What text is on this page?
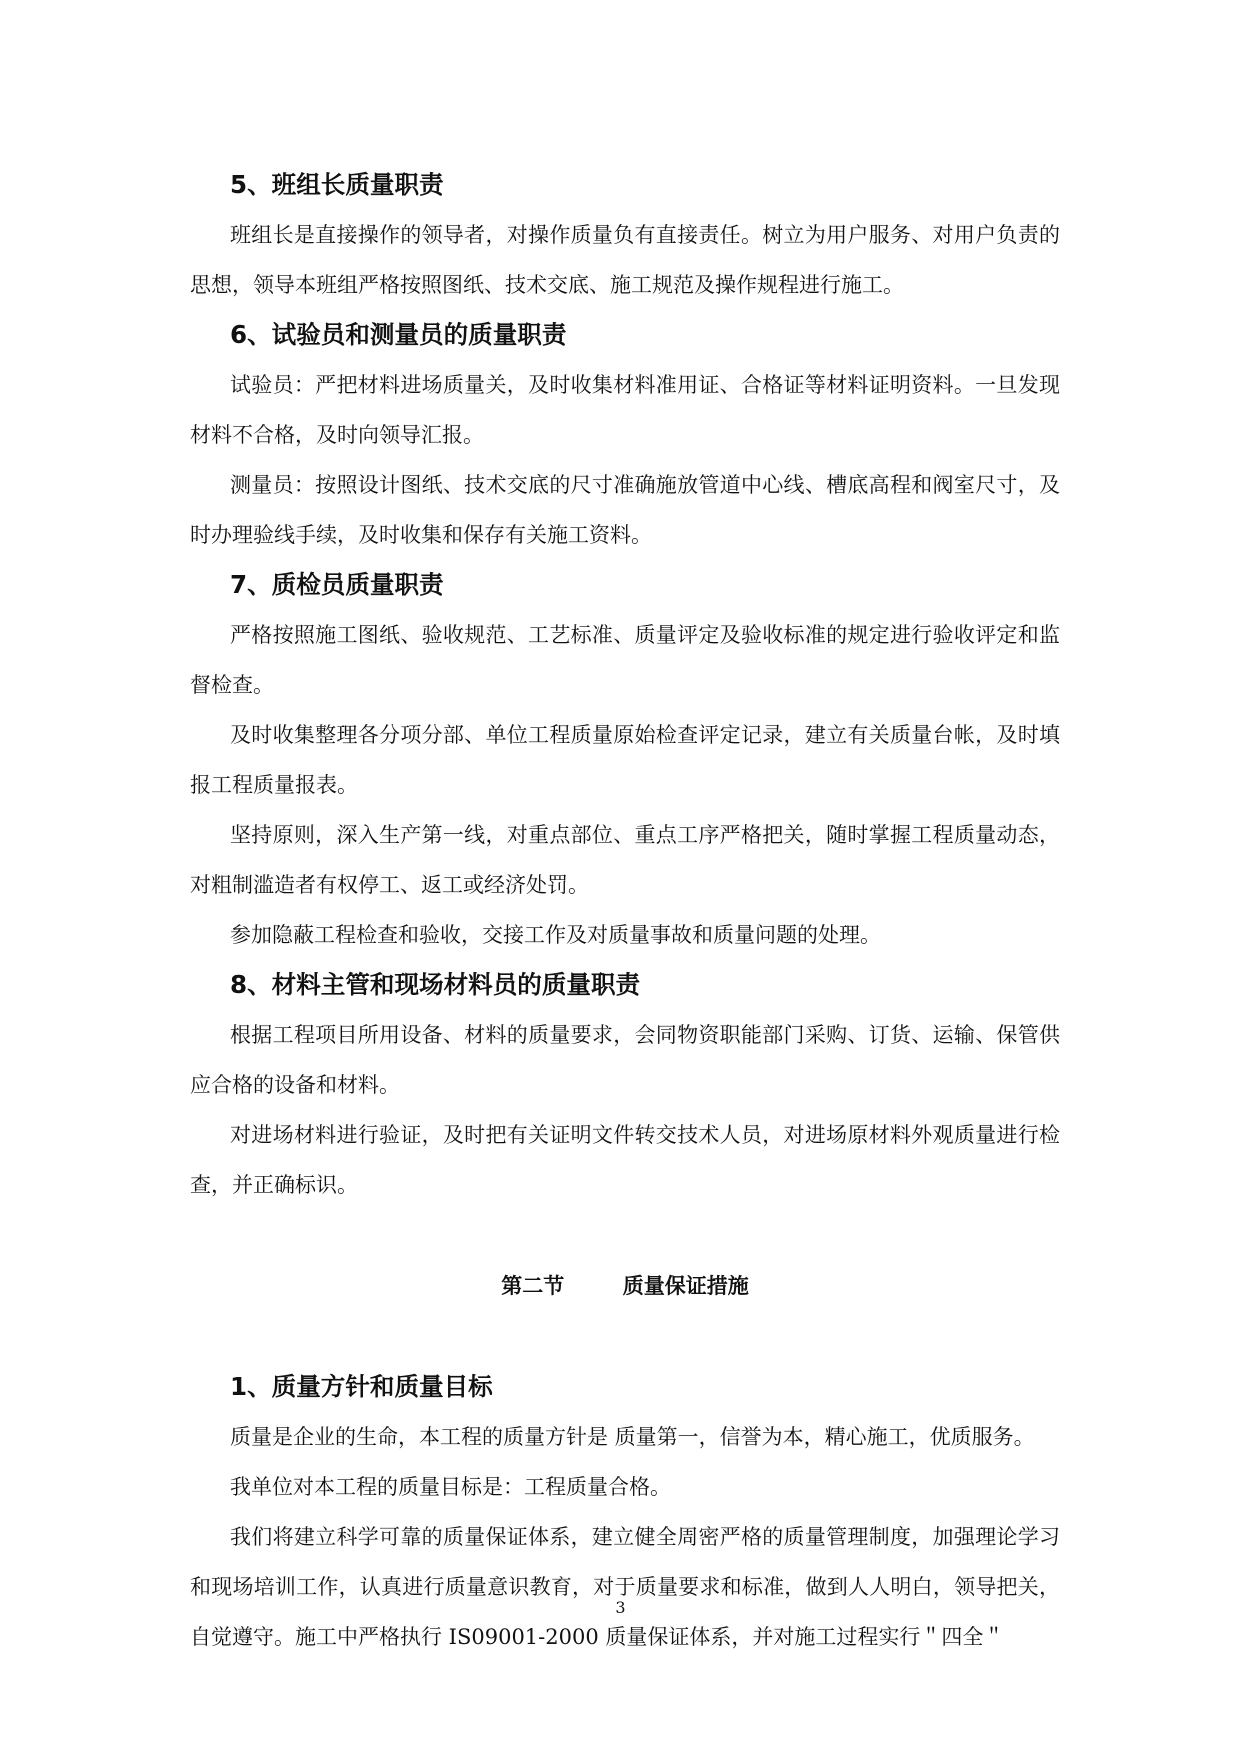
5、班组长质量职责

班组长是直接操作的领导者，对操作质量负有直接责任。树立为用户服务、对用户负责的思想，领导本班组严格按照图纸、技术交底、施工规范及操作规程进行施工。

6、试验员和测量员的质量职责

试验员：严把材料进场质量关，及时收集材料准用证、合格证等材料证明资料。一旦发现材料不合格，及时向领导汇报。

测量员：按照设计图纸、技术交底的尺寸准确施放管道中心线、槽底高程和阀室尺寸，及时办理验线手续，及时收集和保存有关施工资料。

7、质检员质量职责

严格按照施工图纸、验收规范、工艺标准、质量评定及验收标准的规定进行验收评定和监督检查。

及时收集整理各分项分部、单位工程质量原始检查评定记录，建立有关质量台帐，及时填报工程质量报表。

坚持原则，深入生产第一线，对重点部位、重点工序严格把关，随时掌握工程质量动态，对粗制滥造者有权停工、返工或经济处罚。

参加隐蔽工程检查和验收，交接工作及对质量事故和质量问题的处理。

8、材料主管和现场材料员的质量职责

根据工程项目所用设备、材料的质量要求，会同物资职能部门采购、订货、运输、保管供应合格的设备和材料。

对进场材料进行验证，及时把有关证明文件转交技术人员，对进场原材料外观质量进行检查，并正确标识。

第二节        质量保证措施
1、质量方针和质量目标

质量是企业的生命，本工程的质量方针是 质量第一，信誉为本，精心施工，优质服务。

我单位对本工程的质量目标是：工程质量合格。

我们将建立科学可靠的质量保证体系，建立健全周密严格的质量管理制度，加强理论学习和现场培训工作，认真进行质量意识教育，对于质量要求和标准，做到人人明白，领导把关，自觉遵守。施工中严格执行 IS09001-2000 质量保证体系，并对施工过程实行＂四全＂

3
